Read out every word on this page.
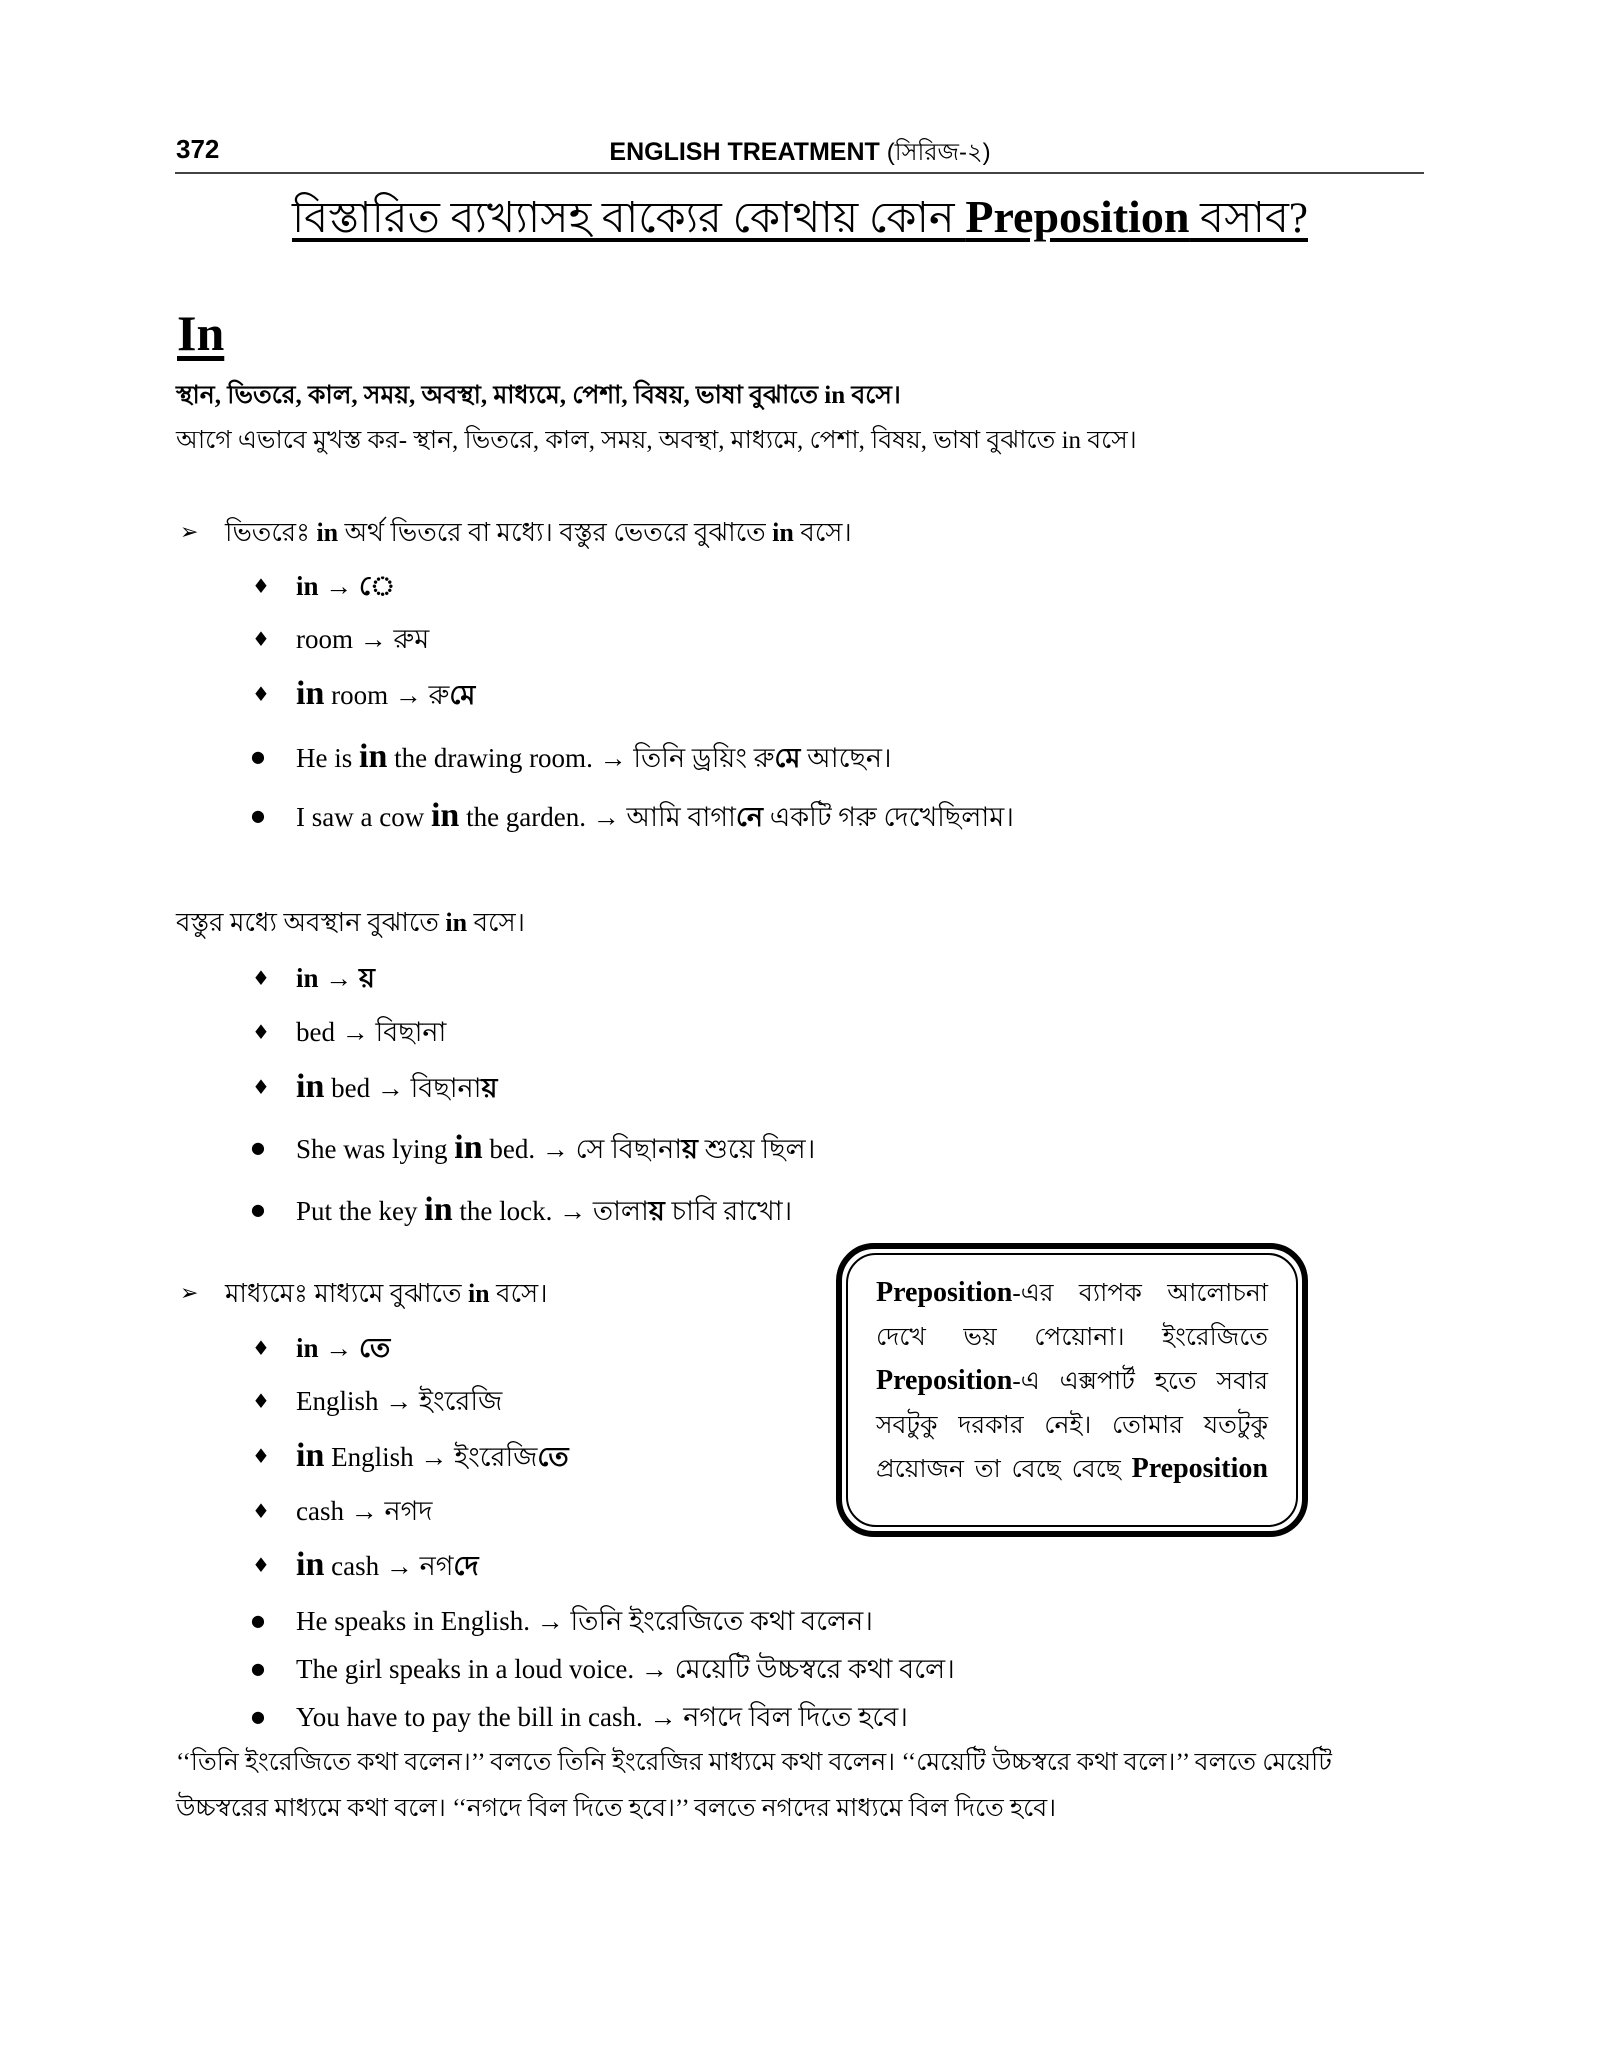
372	ENGLISH TREATMENT (সিরিজ-২)
বিস্তারিত ব্যখ্যাসহ বাক্যের কোথায় কোন Preposition বসাব?
In
স্থান, ভিতরে, কাল, সময়, অবস্থা, মাধ্যমে, পেশা, বিষয়, ভাষা বুঝাতে in বসে।
আগে এভাবে মুখস্ত কর- স্থান, ভিতরে, কাল, সময়, অবস্থা, মাধ্যমে, পেশা, বিষয়, ভাষা বুঝাতে in বসে।
ভিতরেঃ in অর্থ ভিতরে বা মধ্যে। বস্তুর ভেতরে বুঝাতে in বসে।
➢
♦ in → ে
♦ room → রুম
♦ in room → রুমে
● He is in the drawing room. → তিনি ড্রয়িং রুমে আছেন।
● I saw a cow in the garden. → আমি বাগানে একটি গরু দেখেছিলাম।
বস্তুর মধ্যে অবস্থান বুঝাতে in বসে।
♦ in → য়
♦ bed → বিছানা
♦ in bed → বিছানায়
● She was lying in bed. → সে বিছানায় শুয়ে ছিল।
● Put the key in the lock. → তালায় চাবি রাখো।
মাধ্যমেঃ মাধ্যমে বুঝাতে in বসে।
➢
♦ in → তে
♦ English → ইংরেজি
♦ in English → ইংরেজিতে
♦ cash → নগদ
♦ in cash → নগদে
● He speaks in English. → তিনি ইংরেজিতে কথা বলেন।
● The girl speaks in a loud voice. → মেয়েটি উচ্চস্বরে কথা বলে।
● You have to pay the bill in cash. → নগদে বিল দিতে হবে।
‘‘তিনি ইংরেজিতে কথা বলেন।’’ বলতে তিনি ইংরেজির মাধ্যমে কথা বলেন। ‘‘মেয়েটি উচ্চস্বরে কথা বলে।’’ বলতে মেয়েটি
উচ্চস্বরের মাধ্যমে কথা বলে। ‘‘নগদে বিল দিতে হবে।’’ বলতে নগদের মাধ্যমে বিল দিতে হবে।
Preposition-এর ব্যাপক আলোচনা
দেখে ভয় পেয়োনা। ইংরেজিতে
Preposition-এ এক্সপার্ট হতে সবার
সবটুকু দরকার নেই। তোমার যতটুকু
প্রয়োজন তা বেছে বেছে Preposition
